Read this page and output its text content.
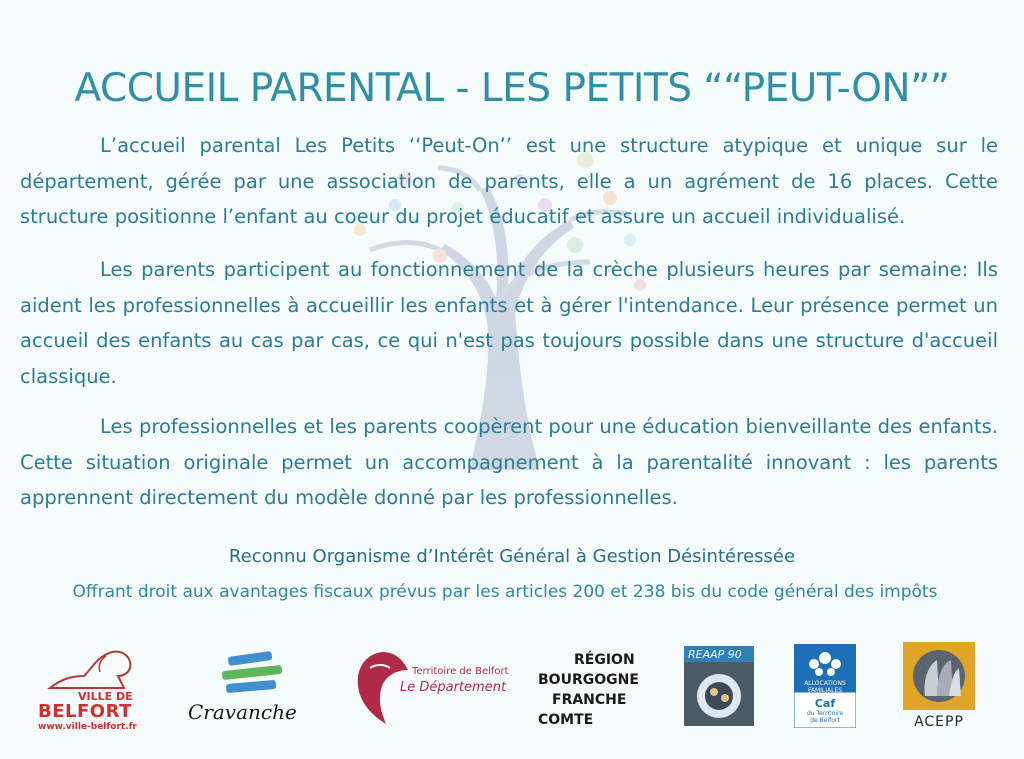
ACCUEIL PARENTAL - LES PETITS ““PEUT-ON””
L’accueil parental Les Petits ‘‘Peut-On’’ est une structure atypique et unique sur le département, gérée par une association de parents, elle a un agrément de 16 places. Cette structure positionne l’enfant au coeur du projet éducatif et assure un accueil individualisé.
Les parents participent au fonctionnement de la crèche plusieurs heures par semaine: Ils aident les professionnelles à accueillir les enfants et à gérer l'intendance. Leur présence permet un accueil des enfants au cas par cas, ce qui n'est pas toujours possible dans une structure d'accueil classique.
Les professionnelles et les parents coopèrent pour une éducation bienveillante des enfants. Cette situation originale permet un accompagnement à la parentalité innovant : les parents apprennent directement du modèle donné par les professionnelles.
Reconnu Organisme d’Intérêt Général à Gestion Désintéressée
Offrant droit aux avantages fiscaux prévus par les articles 200 et 238 bis du code général des impôts
VILLE DE
BELFORT
www.ville-belfort.fr
Cravanche
Territoire de Belfort
Le Département
RÉGION
BOURGOGNE
FRANCHE
COMTE
REAAP 90
ALLOCATIONS
FAMILIALES
Caf
du Territoire
de Belfort	ACEPP
